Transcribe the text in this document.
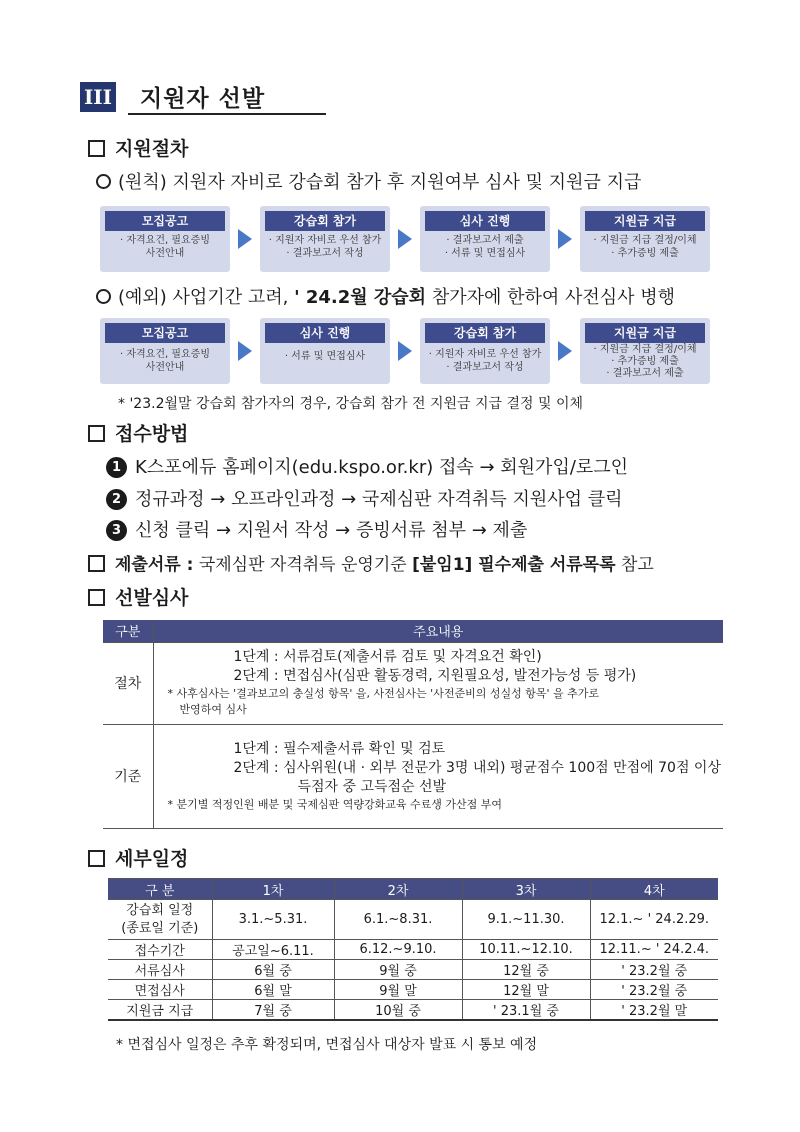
III 지원자 선발
지원절차
(원칙) 지원자 자비로 강습회 참가 후 지원여부 심사 및 지원금 지급
모집공고
· 자격요건, 필요증빙
사전안내
강습회 참가
· 지원자 자비로 우선 참가
· 결과보고서 작성
심사 진행
· 결과보고서 제출
· 서류 및 면접심사
지원금 지급
· 지원금 지급 결정/이체
· 추가증빙 제출
(예외) 사업기간 고려, ' 24.2월 강습회 참가자에 한하여 사전심사 병행
모집공고
· 자격요건, 필요증빙
사전안내
심사 진행
· 서류 및 면접심사
강습회 참가
· 지원자 자비로 우선 참가
· 결과보고서 작성
지원금 지급
· 지원금 지급 결정/이체
· 추가증빙 제출
· 결과보고서 제출
* '23.2월말 강습회 참가자의 경우, 강습회 참가 전 지원금 지급 결정 및 이체
접수방법
1 K스포에듀 홈페이지(edu.kspo.or.kr) 접속 → 회원가입/로그인
2 정규과정 → 오프라인과정 → 국제심판 자격취득 지원사업 클릭
3 신청 클릭 → 지원서 작성 → 증빙서류 첨부 → 제출
제출서류 : 국제심판 자격취득 운영기준 [붙임1] 필수제출 서류목록 참고
선발심사
구분	주요내용
절차	1단계 : 서류검토(제출서류 검토 및 자격요건 확인)
2단계 : 면접심사(심판 활동경력, 지원필요성, 발전가능성 등 평가)
* 사후심사는 '결과보고의 충실성 항목' 을, 사전심사는 '사전준비의 성실성 항목' 을 추가로
반영하여 심사

기준	1단계 : 필수제출서류 확인 및 검토
2단계 : 심사위원(내 · 외부 전문가 3명 내외) 평균점수 100점 만점에 70점 이상
득점자 중 고득점순 선발
* 분기별 적정인원 배분 및 국제심판 역량강화교육 수료생 가산점 부여
세부일정
구 분	1차	2차	3차	4차

강습회 일정
(종료일 기준)	3.1.~5.31.	6.1.~8.31.	9.1.~11.30.	12.1.~ ' 24.2.29.
접수기간	공고일~6.11.	6.12.~9.10.	10.11.~12.10.	12.11.~ ' 24.2.4.
서류심사	6월 중	9월 중	12월 중	' 23.2월 중
면접심사	6월 말	9월 말	12월 말	' 23.2월 중
지원금 지급	7월 중	10월 중	' 23.1월 중	' 23.2월 말
* 면접심사 일정은 추후 확정되며, 면접심사 대상자 발표 시 통보 예정
